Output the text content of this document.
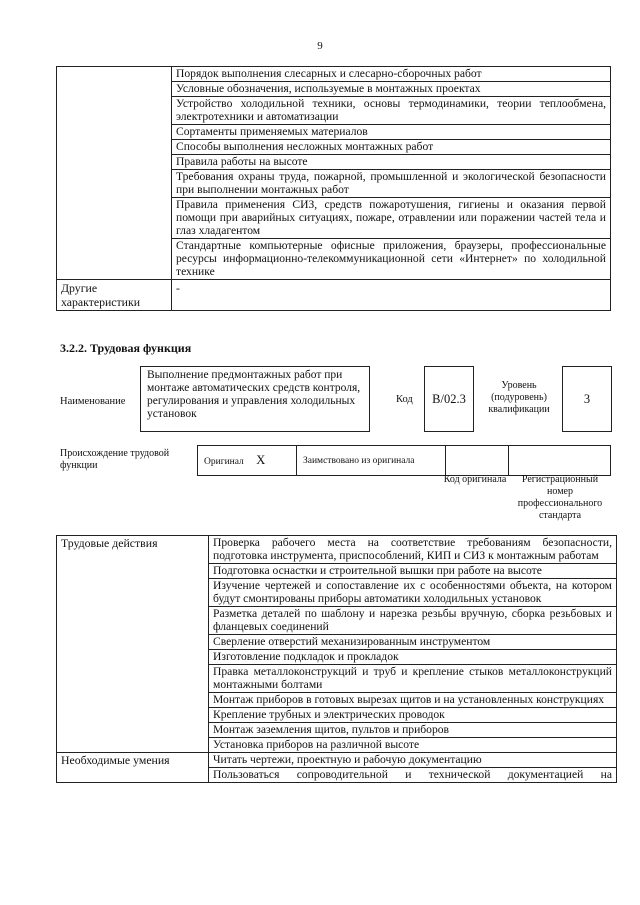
9
	Порядок выполнения слесарных и слесарно-сборочных работ
	Условные обозначения, используемые в монтажных проектах
	Устройство холодильной техники, основы термодинамики, теории теплообмена, электротехники и автоматизации
	Сортаменты применяемых материалов
	Способы выполнения несложных монтажных работ
	Правила работы на высоте
	Требования охраны труда, пожарной, промышленной и экологической безопасности при выполнении монтажных работ
	Правила применения СИЗ, средств пожаротушения, гигиены и оказания первой помощи при аварийных ситуациях, пожаре, отравлении или поражении частей тела и глаз хладагентом
	Стандартные компьютерные офисные приложения, браузеры, профессиональные ресурсы информационно-телекоммуникационной сети «Интернет» по холодильной технике
Другие характеристики	-
3.2.2. Трудовая функция
Наименование
Выполнение предмонтажных работ при монтаже автоматических средств контроля, регулирования и управления холодильных установок
Код B/02.3
Уровень (подуровень) квалификации
3
Происхождение трудовой функции	Оригинал X	Заимствовано из оригинала		
Код оригинала	Регистрационный номер профессионального стандарта
Трудовые действия	Проверка рабочего места на соответствие требованиям безопасности, подготовка инструмента, приспособлений, КИП и СИЗ к монтажным работам
	Подготовка оснастки и строительной вышки при работе на высоте
	Изучение чертежей и сопоставление их с особенностями объекта, на котором будут смонтированы приборы автоматики холодильных установок
	Разметка деталей по шаблону и нарезка резьбы вручную, сборка резьбовых и фланцевых соединений
	Сверление отверстий механизированным инструментом
	Изготовление подкладок и прокладок
	Правка металлоконструкций и труб и крепление стыков металлоконструкций монтажными болтами
	Монтаж приборов в готовых вырезах щитов и на установленных конструкциях
	Крепление трубных и электрических проводок
	Монтаж заземления щитов, пультов и приборов
	Установка приборов на различной высоте
Необходимые умения	Читать чертежи, проектную и рабочую документацию
	Пользоваться сопроводительной и технической документацией на
